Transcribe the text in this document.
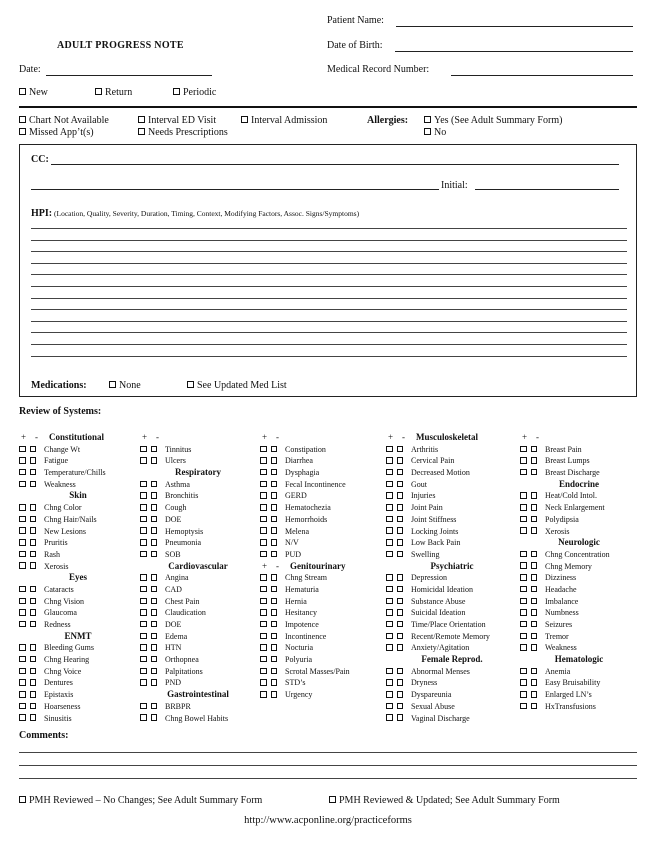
Patient Name:
ADULT PROGRESS NOTE	Date of Birth:
Date:	Medical Record Number:
New	Return	Periodic
Chart Not Available	Interval ED Visit	Interval Admission	Allergies:	Yes (See Adult Summary Form)
Missed App’t(s)	Needs Prescriptions	No
CC:
Initial:
HPI: (Location, Quality, Severity, Duration, Timing, Context, Modifying Factors, Assoc. Signs/Symptoms)
Medications:	None	See Updated Med List
Review of Systems:
+ - Constitutional
Change Wt
Fatigue
Temperature/Chills
Weakness
Skin
Chng Color
Chng Hair/Nails
New Lesions
Pruritis
Rash
Xerosis
Eyes
Cataracts
Chng Vision
Glaucoma
Redness
ENMT
Bleeding Gums
Chng Hearing
Chng Voice
Dentures
Epistaxis
Hoarseness
Sinusitis
+ -
Tinnitus
Ulcers
Respiratory
Asthma
Bronchitis
Cough
DOE
Hemoptysis
Pneumonia
SOB
Cardiovascular
Angina
CAD
Chest Pain
Claudication
DOE
Edema
HTN
Orthopnea
Palpitations
PND
Gastrointestinal
BRBPR
Chng Bowel Habits
+ -
Constipation
Diarrhea
Dysphagia
Fecal Incontinence
GERD
Hematochezia
Hemorrhoids
Melena
N/V
PUD
+ - Genitourinary
Chng Stream
Hematuria
Hernia
Hesitancy
Impotence
Incontinence
Nocturia
Polyuria
Scrotal Masses/Pain
STD’s
Urgency
+ - Musculoskeletal
Arthritis
Cervical Pain
Decreased Motion
Gout
Injuries
Joint Pain
Joint Stiffness
Locking Joints
Low Back Pain
Swelling
Psychiatric
Depression
Homicidal Ideation
Substance Abuse
Suicidal Ideation
Time/Place Orientation
Recent/Remote Memory
Anxiety/Agitation
Female Reprod.
Abnormal Menses
Dryness
Dyspareunia
Sexual Abuse
Vaginal Discharge
+ -
Breast Pain
Breast Lumps
Breast Discharge
Endocrine
Heat/Cold Intol.
Neck Enlargement
Polydipsia
Xerosis
Neurologic
Chng Concentration
Chng Memory
Dizziness
Headache
Imbalance
Numbness
Seizures
Tremor
Weakness
Hematologic
Anemia
Easy Bruisability
Enlarged LN’s
HxTransfusions
Comments:
PMH Reviewed – No Changes; See Adult Summary Form	PMH Reviewed & Updated; See Adult Summary Form
http://www.acponline.org/practiceforms
